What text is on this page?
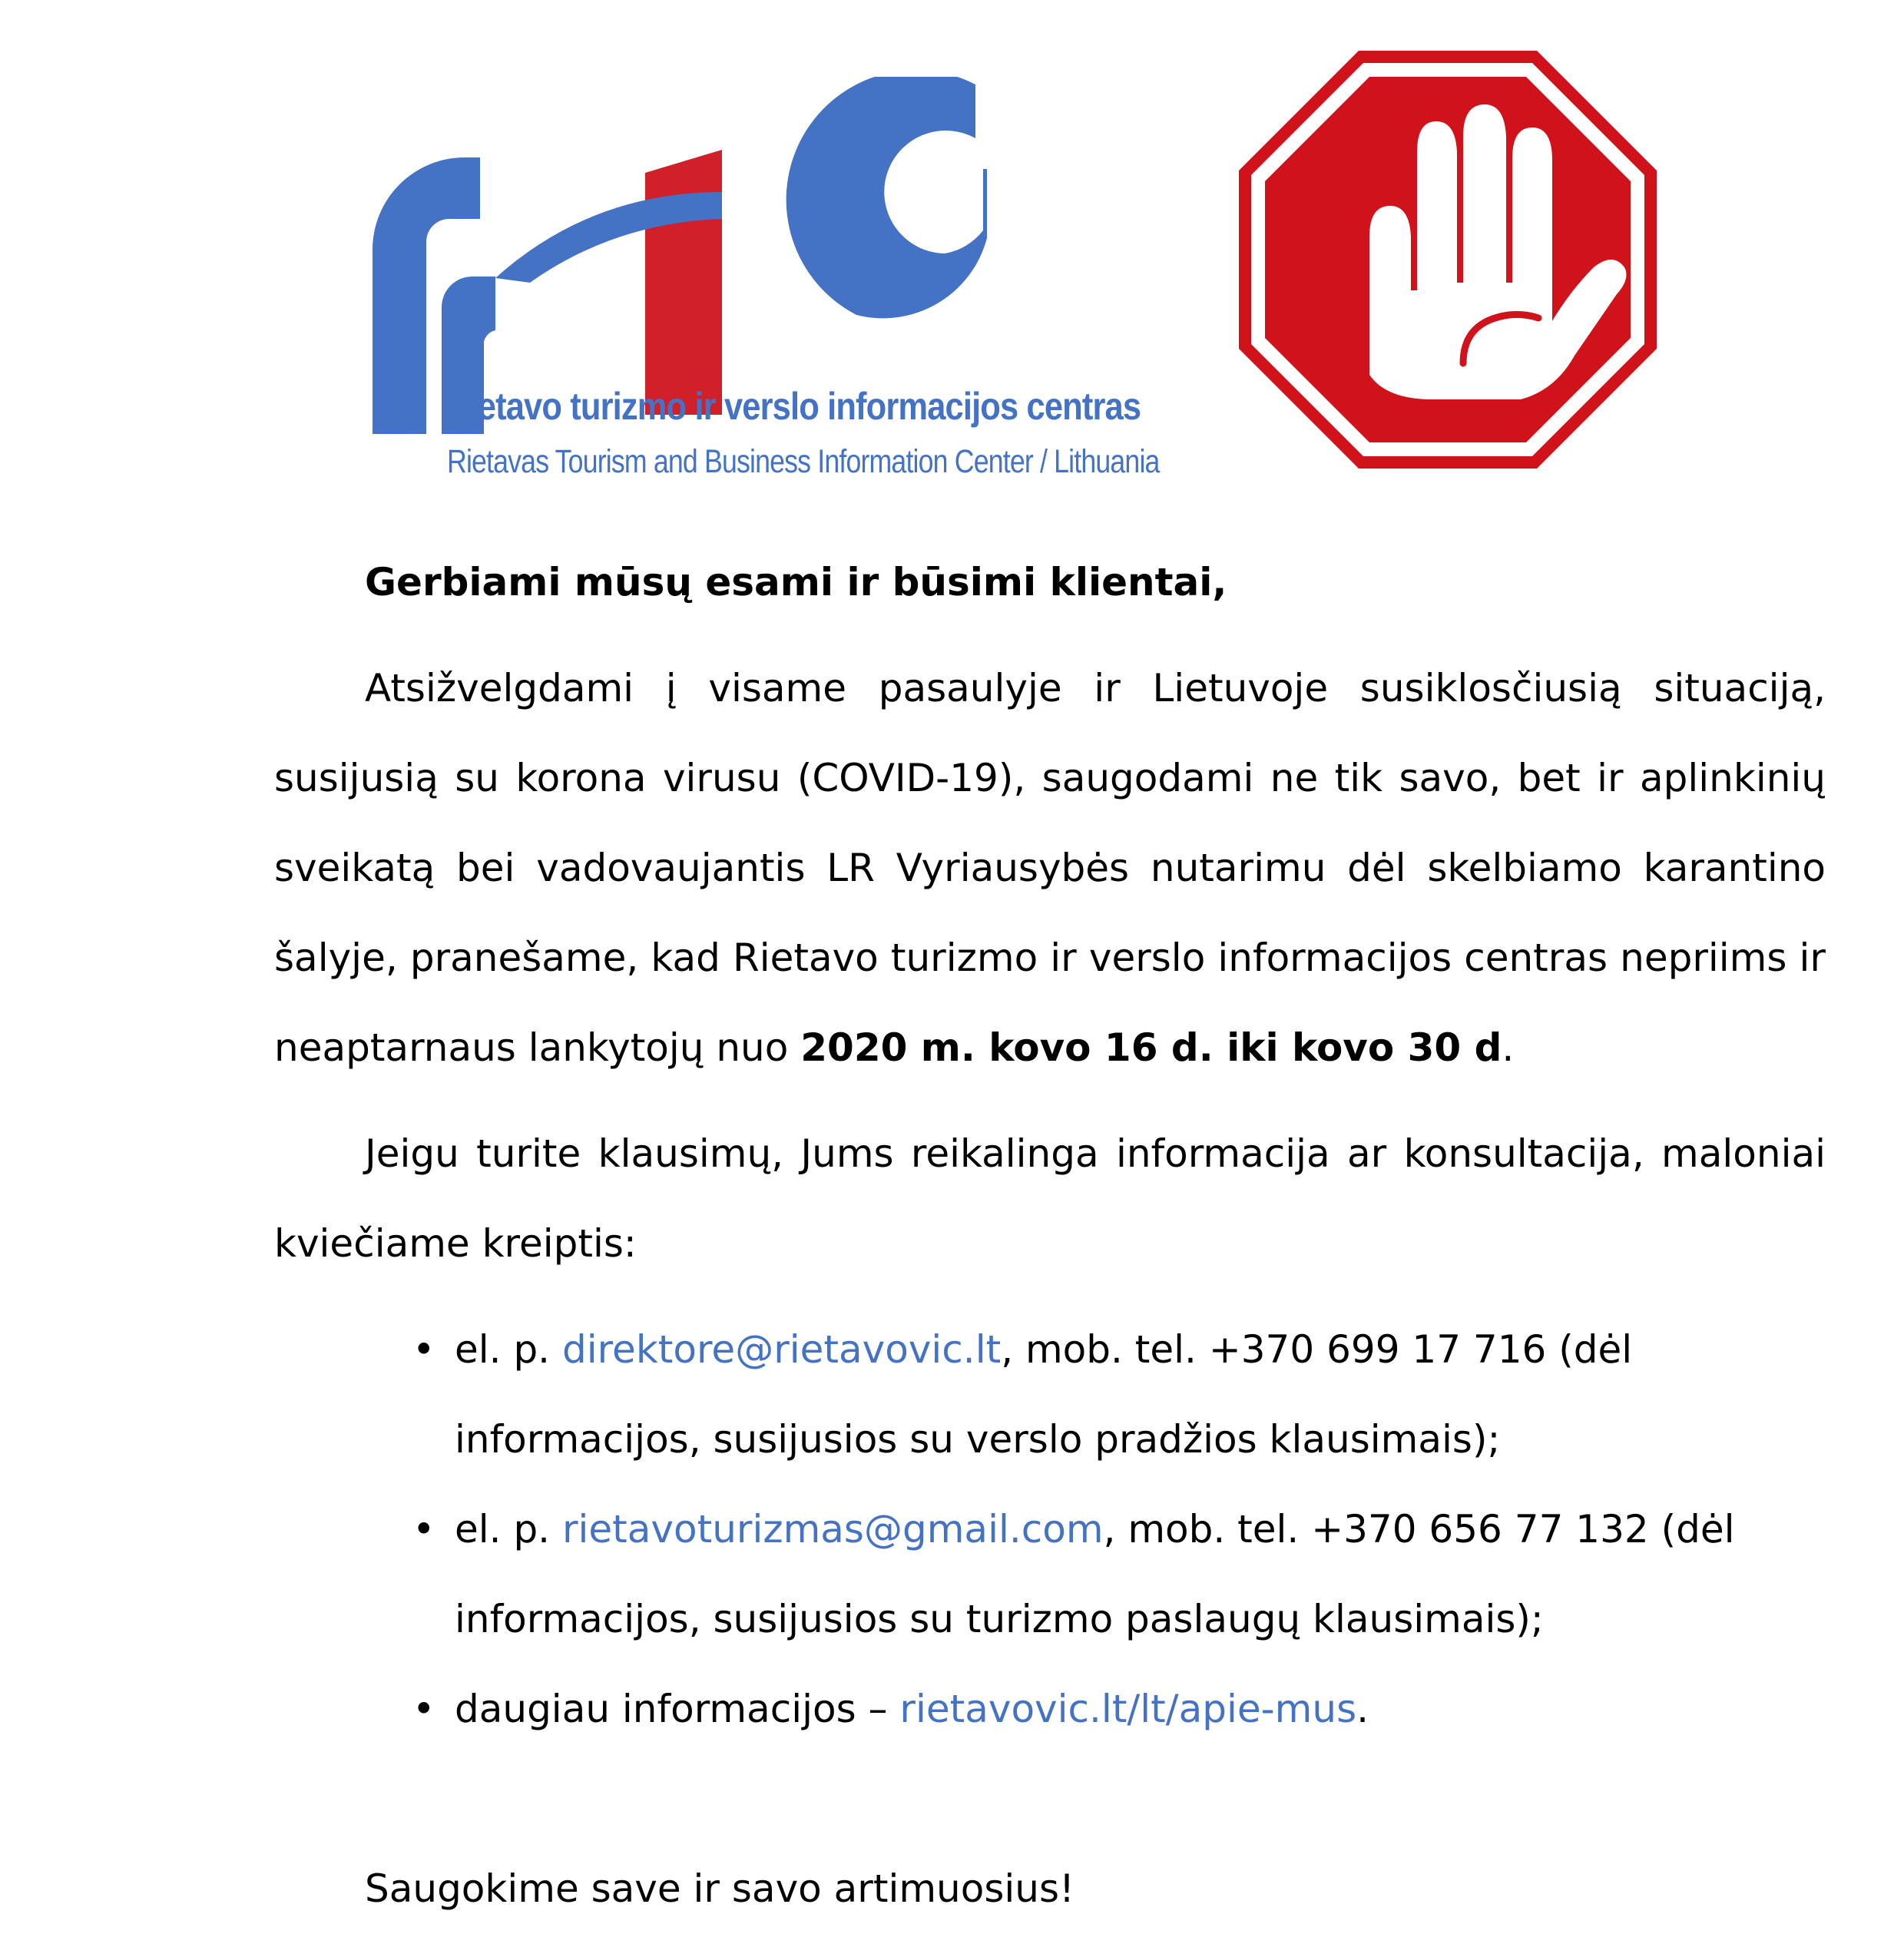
Rietavo turizmo ir verslo informacijos centras
Rietavas Tourism and Business Information Center / Lithuania

Gerbiami mūsų esami ir būsimi klientai,

Atsižvelgdami į visame pasaulyje ir Lietuvoje susiklosčiusią situaciją, susijusią su korona virusu (COVID-19), saugodami ne tik savo, bet ir aplinkinių sveikatą bei vadovaujantis LR Vyriausybės nutarimu dėl skelbiamo karantino šalyje, pranešame, kad Rietavo turizmo ir verslo informacijos centras nepriims ir neaptarnaus lankytojų nuo 2020 m. kovo 16 d. iki kovo 30 d.

Jeigu turite klausimų, Jums reikalinga informacija ar konsultacija, maloniai kviečiame kreiptis:

• el. p. direktore@rietavovic.lt, mob. tel. +370 699 17 716 (dėl informacijos, susijusios su verslo pradžios klausimais);
• el. p. rietavoturizmas@gmail.com, mob. tel. +370 656 77 132 (dėl informacijos, susijusios su turizmo paslaugų klausimais);
• daugiau informacijos – rietavovic.lt/lt/apie-mus.

Saugokime save ir savo artimuosius!
